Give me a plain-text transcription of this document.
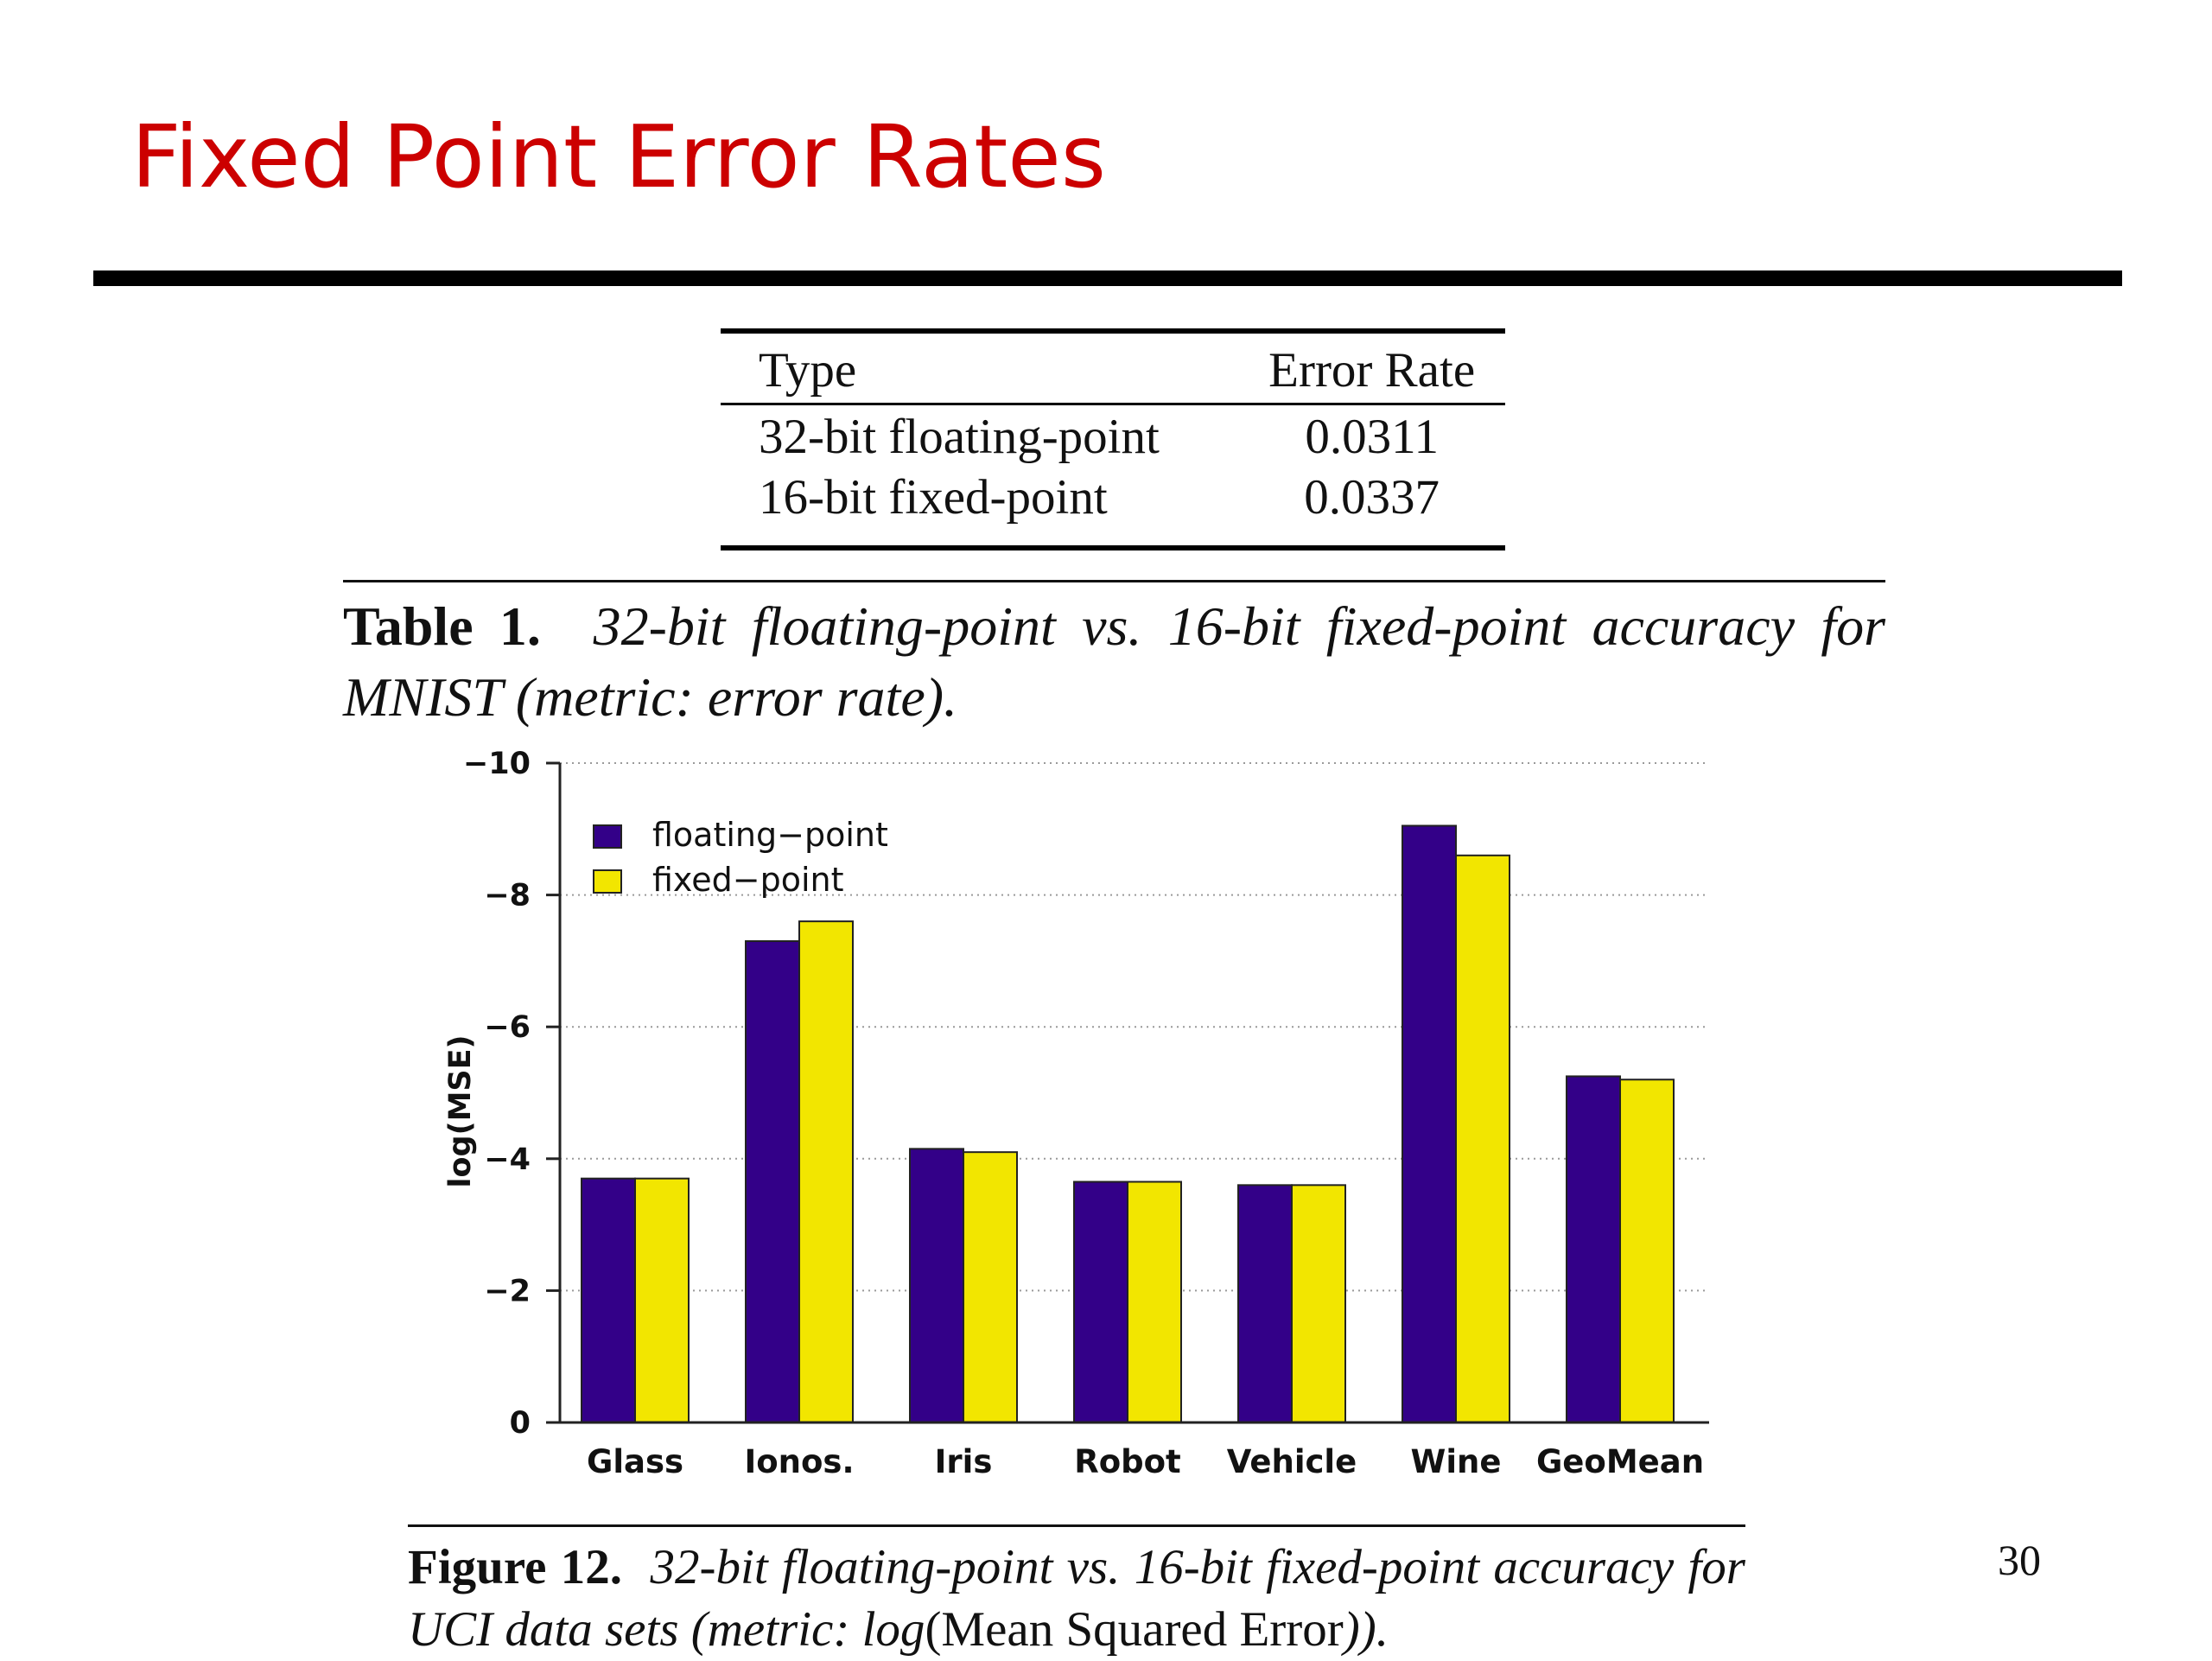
Fixed Point Error Rates
Type	Error Rate
32-bit floating-point	0.0311
16-bit fixed-point	0.0337
Table 1. 32-bit floating-point vs. 16-bit fixed-point accuracy for MNIST (metric: error rate).
Glass Ionos.	Iris	Robot Vehicle Wine GeoMean
0
−2
−4
−6
−8
−10
log(MSE)
floating−point
fixed−point
Figure 12. 32-bit floating-point vs. 16-bit fixed-point accuracy for UCI data sets (metric: log(Mean Squared Error)).
30
